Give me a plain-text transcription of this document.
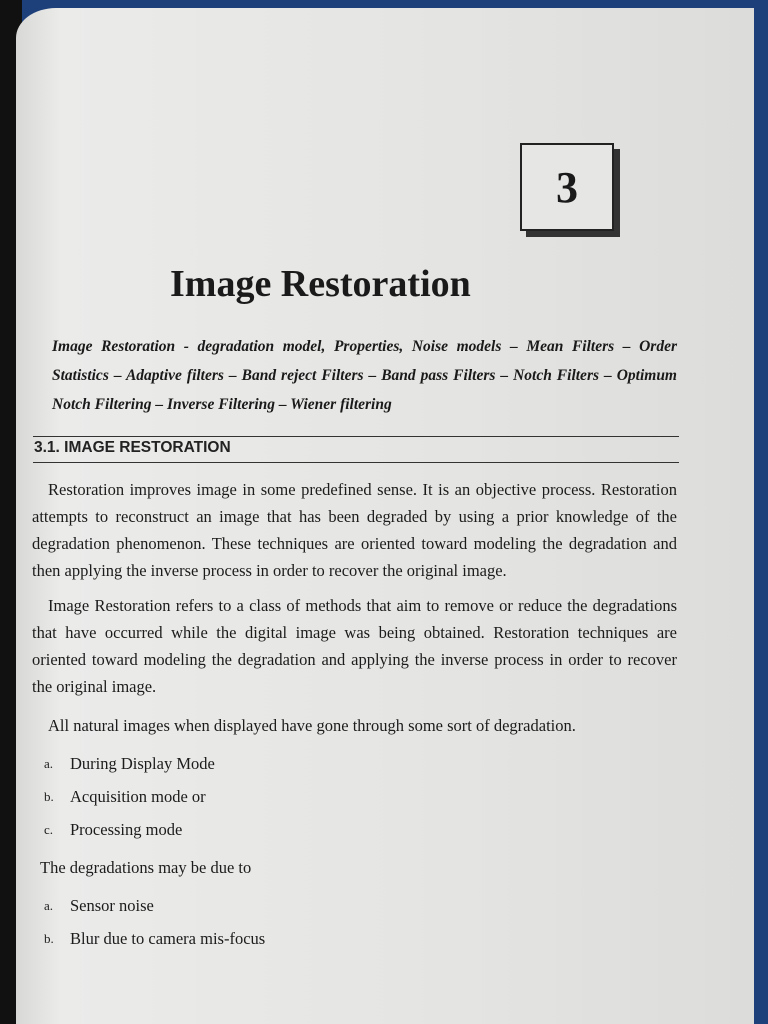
3
Image Restoration
Image Restoration - degradation model, Properties, Noise models – Mean Filters – Order Statistics – Adaptive filters – Band reject Filters – Band pass Filters – Notch Filters – Optimum Notch Filtering – Inverse Filtering – Wiener filtering
3.1. IMAGE RESTORATION

Restoration improves image in some predefined sense. It is an objective process. Restoration attempts to reconstruct an image that has been degraded by using a prior knowledge of the degradation phenomenon. These techniques are oriented toward modeling the degradation and then applying the inverse process in order to recover the original image.

Image Restoration refers to a class of methods that aim to remove or reduce the degradations that have occurred while the digital image was being obtained. Restoration techniques are oriented toward modeling the degradation and applying the inverse process in order to recover the original image.

All natural images when displayed have gone through some sort of degradation.

a.	During Display Mode
b. Acquisition mode or
c.	Processing mode

The degradations may be due to

a.	Sensor noise
b. Blur due to camera mis-focus
